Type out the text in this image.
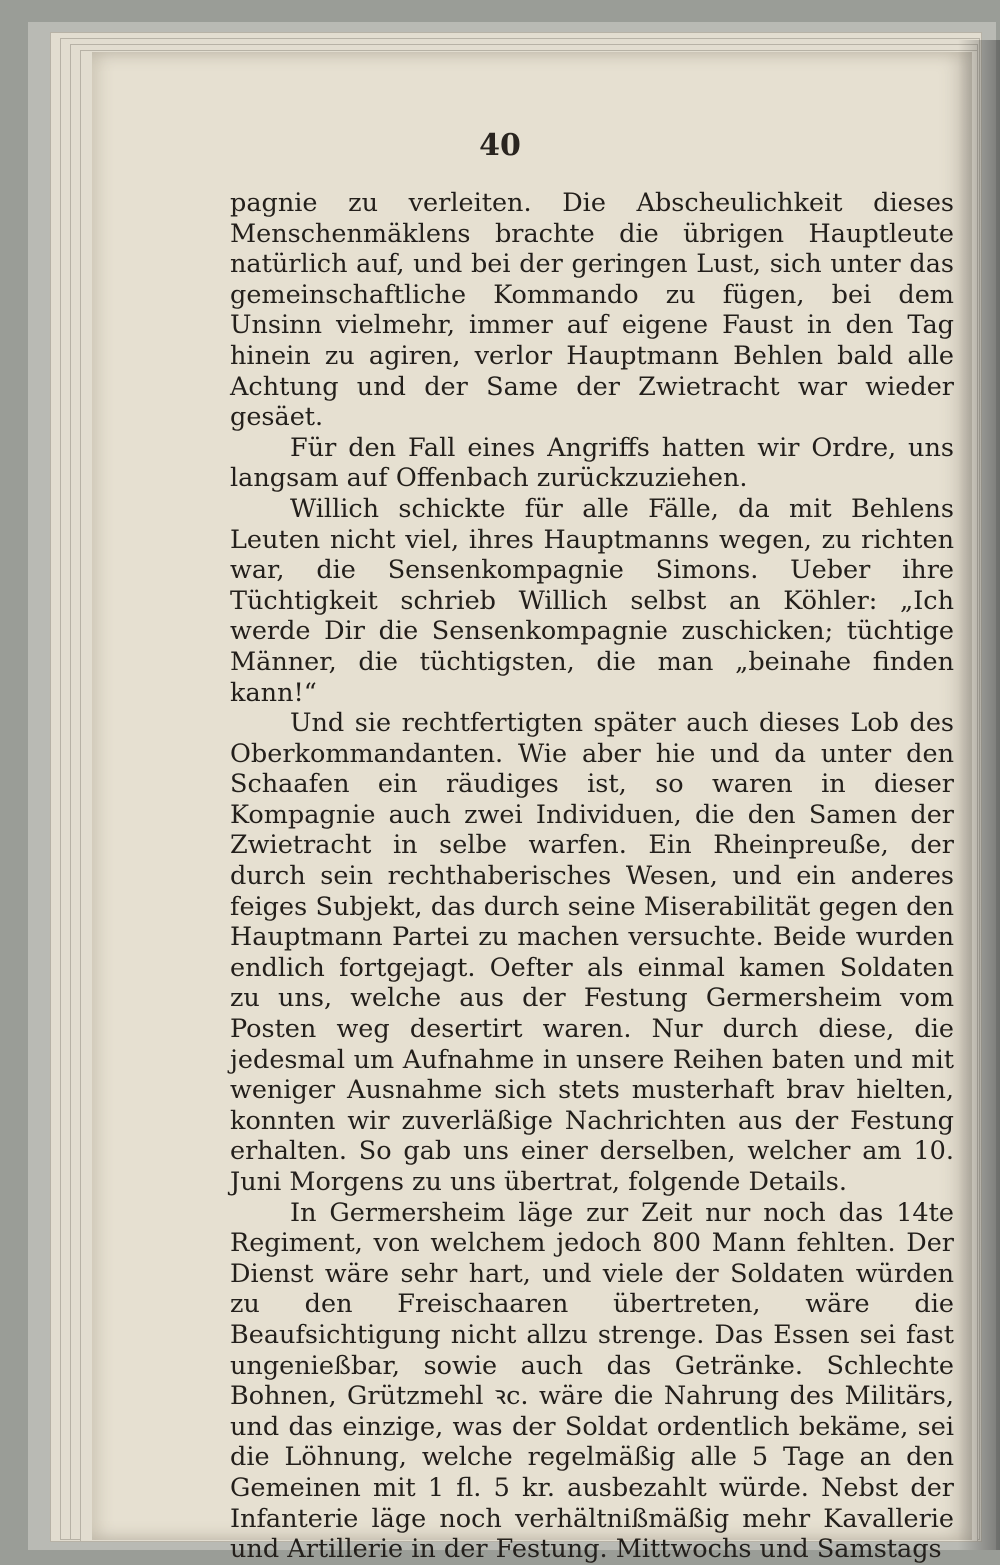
40

pagnie zu verleiten. Die Abscheulichkeit dieses Menschenmäklens brachte die übrigen Hauptleute natürlich auf, und bei der geringen Lust, sich unter das gemeinschaftliche Kommando zu fügen, bei dem Unsinn vielmehr, immer auf eigene Faust in den Tag hinein zu agiren, verlor Hauptmann Behlen bald alle Achtung und der Same der Zwietracht war wieder gesäet.

Für den Fall eines Angriffs hatten wir Ordre, uns langsam auf Offenbach zurückzuziehen.

Willich schickte für alle Fälle, da mit Behlens Leuten nicht viel, ihres Hauptmanns wegen, zu richten war, die Sensenkompagnie Simons. Ueber ihre Tüchtigkeit schrieb Willich selbst an Köhler: „Ich werde Dir die Sensenkompagnie zuschicken; tüchtige Männer, die tüchtigsten, die man „beinahe finden kann!“

Und sie rechtfertigten später auch dieses Lob des Oberkommandanten. Wie aber hie und da unter den Schaafen ein räudiges ist, so waren in dieser Kompagnie auch zwei Individuen, die den Samen der Zwietracht in selbe warfen. Ein Rheinpreuße, der durch sein rechthaberisches Wesen, und ein anderes feiges Subjekt, das durch seine Miserabilität gegen den Hauptmann Partei zu machen versuchte. Beide wurden endlich fortgejagt. Oefter als einmal kamen Soldaten zu uns, welche aus der Festung Germersheim vom Posten weg desertirt waren. Nur durch diese, die jedesmal um Aufnahme in unsere Reihen baten und mit weniger Ausnahme sich stets musterhaft brav hielten, konnten wir zuverläßige Nachrichten aus der Festung erhalten. So gab uns einer derselben, welcher am 10. Juni Morgens zu uns übertrat, folgende Details.

In Germersheim läge zur Zeit nur noch das 14te Regiment, von welchem jedoch 800 Mann fehlten. Der Dienst wäre sehr hart, und viele der Soldaten würden zu den Freischaaren übertreten, wäre die Beaufsichtigung nicht allzu strenge. Das Essen sei fast ungenießbar, sowie auch das Getränke. Schlechte Bohnen, Grützmehl ꝛc. wäre die Nahrung des Militärs, und das einzige, was der Soldat ordentlich bekäme, sei die Löhnung, welche regelmäßig alle 5 Tage an den Gemeinen mit 1 fl. 5 kr. ausbezahlt würde. Nebst der Infanterie läge noch verhältnißmäßig mehr Kavallerie und Artillerie in der Festung. Mittwochs und Samstags
